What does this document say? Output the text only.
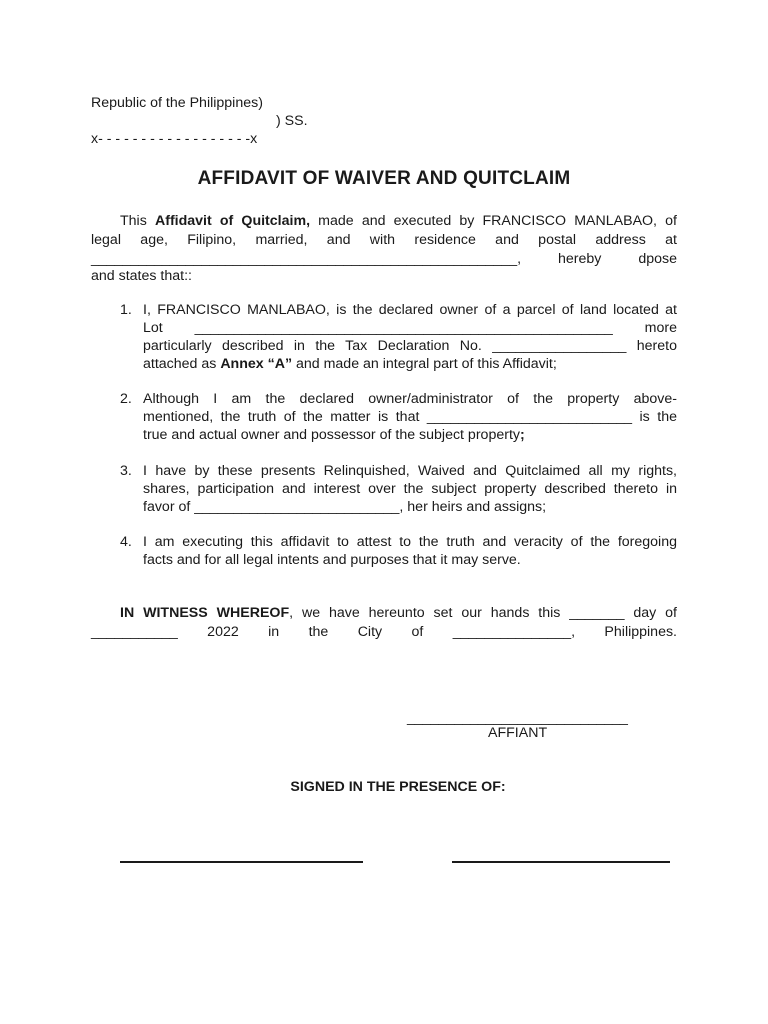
Republic of the Philippines)
) SS.
x- - - - - - - - - - - - - - - - - -x
AFFIDAVIT OF WAIVER AND QUITCLAIM
This Affidavit of Quitclaim, made and executed by FRANCISCO MANLABAO, of
legal age, Filipino, married, and with residence and postal address at
______________________________________________________, hereby dpose
and states that::
1. I, FRANCISCO MANLABAO, is the declared owner of a parcel of land located at
Lot _____________________________________________________ more
particularly described in the Tax Declaration No. _________________ hereto
attached as Annex “A” and made an integral part of this Affidavit;
2. Although I am the declared owner/administrator of the property above-
mentioned, the truth of the matter is that __________________________ is the
true and actual owner and possessor of the subject property;
3. I have by these presents Relinquished, Waived and Quitclaimed all my rights,
shares, participation and interest over the subject property described thereto in
favor of __________________________, her heirs and assigns;
4. I am executing this affidavit to attest to the truth and veracity of the foregoing
facts and for all legal intents and purposes that it may serve.
IN WITNESS WHEREOF, we have hereunto set our hands this _______ day of
___________ 2022 in the City of _______________, Philippines.
____________________________
AFFIANT
SIGNED IN THE PRESENCE OF:
